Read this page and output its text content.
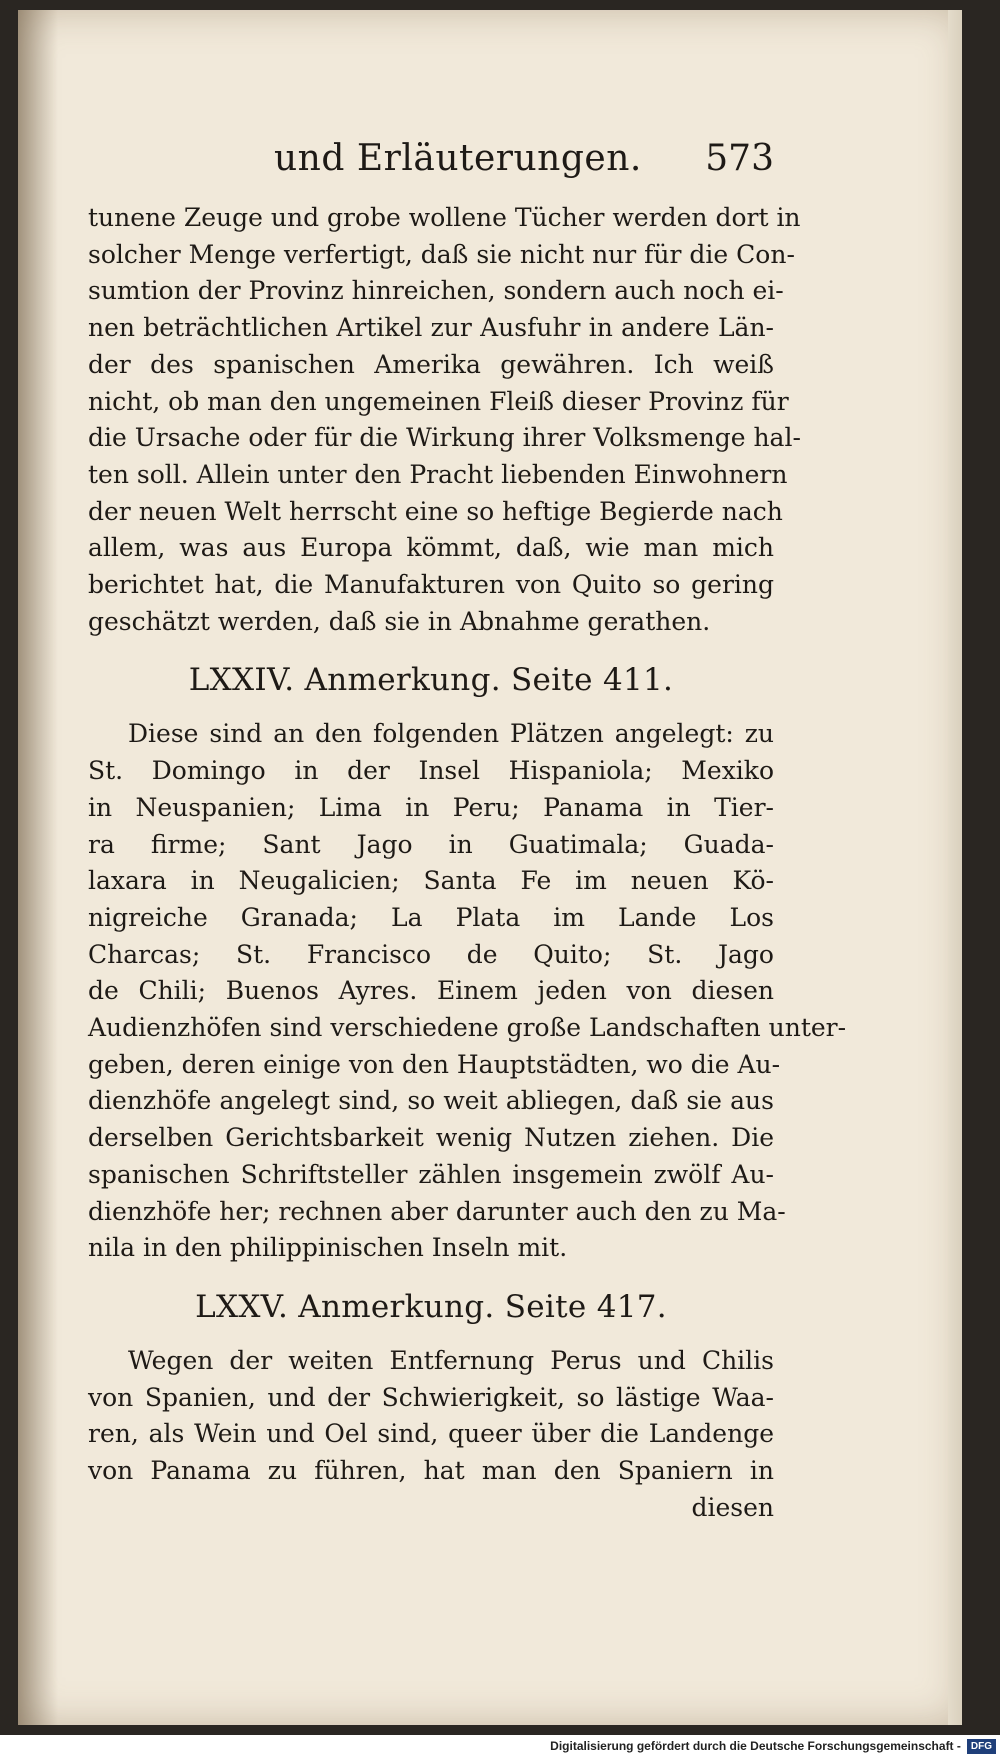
und Erläuterungen. 573

tunene Zeuge und grobe wollene Tücher werden dort in
solcher Menge verfertigt, daß sie nicht nur für die Con-
sumtion der Provinz hinreichen, sondern auch noch ei-
nen beträchtlichen Artikel zur Ausfuhr in andere Län-
der des spanischen Amerika gewähren. Ich weiß
nicht, ob man den ungemeinen Fleiß dieser Provinz für
die Ursache oder für die Wirkung ihrer Volksmenge hal-
ten soll. Allein unter den Pracht liebenden Einwohnern
der neuen Welt herrscht eine so heftige Begierde nach
allem, was aus Europa kömmt, daß, wie man mich
berichtet hat, die Manufakturen von Quito so gering
geschätzt werden, daß sie in Abnahme gerathen.

LXXIV. Anmerkung. Seite 411.

Diese sind an den folgenden Plätzen angelegt: zu
St. Domingo in der Insel Hispaniola; Mexiko
in Neuspanien; Lima in Peru; Panama in Tier-
ra firme; Sant Jago in Guatimala; Guada-
laxara in Neugalicien; Santa Fe im neuen Kö-
nigreiche Granada; La Plata im Lande Los
Charcas; St. Francisco de Quito; St. Jago
de Chili; Buenos Ayres. Einem jeden von diesen
Audienzhöfen sind verschiedene große Landschaften unter-
geben, deren einige von den Hauptstädten, wo die Au-
dienzhöfe angelegt sind, so weit abliegen, daß sie aus
derselben Gerichtsbarkeit wenig Nutzen ziehen. Die
spanischen Schriftsteller zählen insgemein zwölf Au-
dienzhöfe her; rechnen aber darunter auch den zu Ma-
nila in den philippinischen Inseln mit.

LXXV. Anmerkung. Seite 417.

Wegen der weiten Entfernung Perus und Chilis
von Spanien, und der Schwierigkeit, so lästige Waa-
ren, als Wein und Oel sind, queer über die Landenge
von Panama zu führen, hat man den Spaniern in

diesen
Digitalisierung gefördert durch die Deutsche Forschungsgemeinschaft -	DFG
